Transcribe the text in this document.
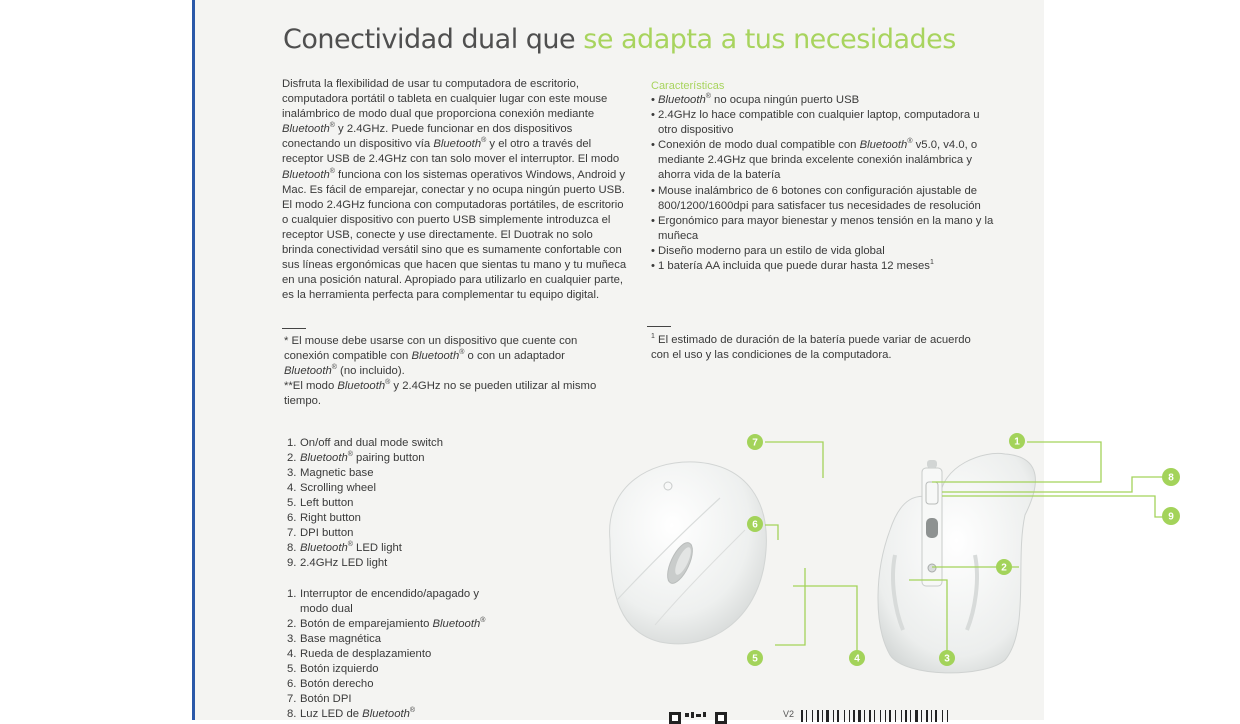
Conectividad dual que se adapta a tus necesidades

Disfruta la flexibilidad de usar tu computadora de escritorio, computadora portátil o tableta en cualquier lugar con este mouse inalámbrico de modo dual que proporciona conexión mediante Bluetooth® y 2.4GHz. Puede funcionar en dos dispositivos conectando un dispositivo vía Bluetooth® y el otro a través del receptor USB de 2.4GHz con tan solo mover el interruptor. El modo Bluetooth® funciona con los sistemas operativos Windows, Android y Mac. Es fácil de emparejar, conectar y no ocupa ningún puerto USB. El modo 2.4GHz funciona con computadoras portátiles, de escritorio o cualquier dispositivo con puerto USB simplemente introduzca el receptor USB, conecte y use directamente. El Duotrak no solo brinda conectividad versátil sino que es sumamente confortable con sus líneas ergonómicas que hacen que sientas tu mano y tu muñeca en una posición natural. Apropiado para utilizarlo en cualquier parte, es la herramienta perfecta para complementar tu equipo digital.

Características
• Bluetooth® no ocupa ningún puerto USB
• 2.4GHz lo hace compatible con cualquier laptop, computadora u otro dispositivo
• Conexión de modo dual compatible con Bluetooth® v5.0, v4.0, o mediante 2.4GHz que brinda excelente conexión inalámbrica y ahorra vida de la batería
• Mouse inalámbrico de 6 botones con configuración ajustable de 800/1200/1600dpi para satisfacer tus necesidades de resolución
• Ergonómico para mayor bienestar y menos tensión en la mano y la muñeca
• Diseño moderno para un estilo de vida global
• 1 batería AA incluida que puede durar hasta 12 meses$^1$

* El mouse debe usarse con un dispositivo que cuente con conexión compatible con Bluetooth® o con un adaptador Bluetooth® (no incluido).

**El modo Bluetooth® y 2.4GHz no se pueden utilizar al mismo tiempo.

$^1$ El estimado de duración de la batería puede variar de acuerdo con el uso y las condiciones de la computadora.

1. On/off and dual mode switch
2. Bluetooth® pairing button
3. Magnetic base
4. Scrolling wheel
5. Left button
6. Right button
7. DPI button
8. Bluetooth® LED light
9. 2.4GHz LED light
1. Interruptor de encendido/apagado y modo dual
2. Botón de emparejamiento Bluetooth®
3. Base magnética
4. Rueda de desplazamiento
5. Botón izquierdo
6. Botón derecho
7. Botón DPI
8. Luz LED de Bluetooth®
7
6
5	4	3
1
2
8
9
V2
